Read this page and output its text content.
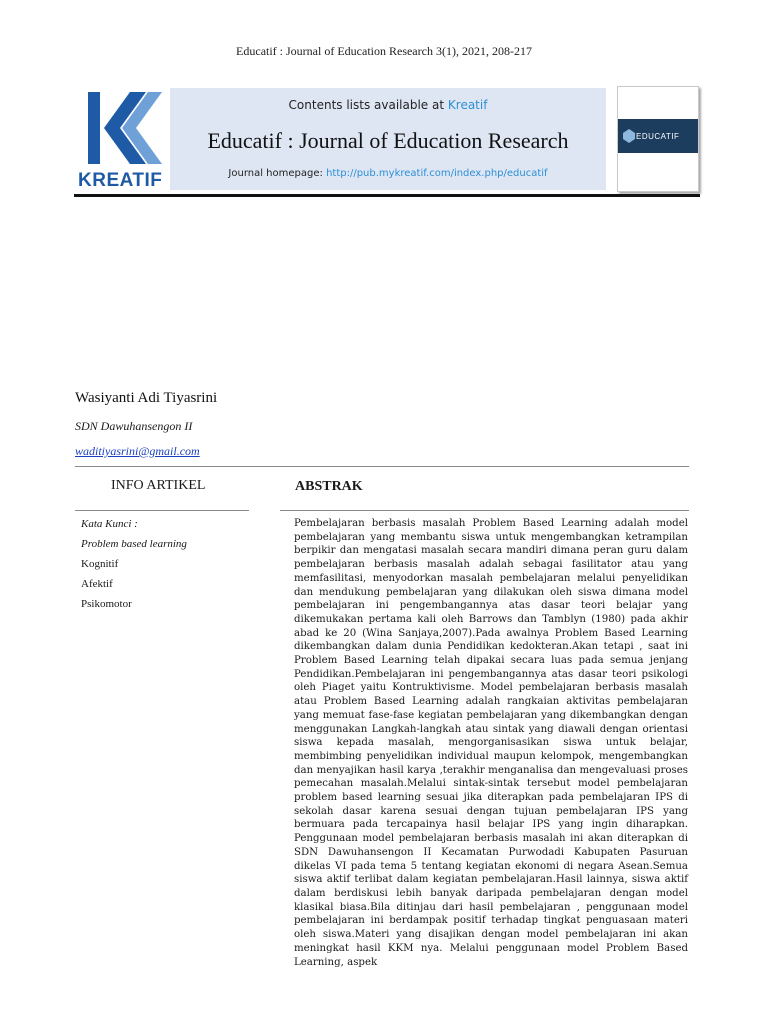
Educatif : Journal of Education Research 3(1), 2021, 208-217
KREATIF
Contents lists available at Kreatif
Educatif : Journal of Education Research
Journal homepage: http://pub.mykreatif.com/index.php/educatif
EDUCATIF
Wasiyanti Adi Tiyasrini
SDN Dawuhansengon II
waditiyasrini@gmail.com
INFO ARTIKEL	ABSTRAK
Kata Kunci :
Problem based learning
Kognitif
Afektif
Psikomotor
Pembelajaran berbasis masalah Problem Based Learning adalah model pembelajaran yang membantu siswa untuk mengembangkan ketrampilan berpikir dan mengatasi masalah secara mandiri dimana peran guru dalam pembelajaran berbasis masalah adalah sebagai fasilitator atau yang memfasilitasi, menyodorkan masalah pembelajaran melalui penyelidikan dan mendukung pembelajaran yang dilakukan oleh siswa dimana model pembelajaran ini pengembangannya atas dasar teori belajar yang dikemukakan pertama kali oleh Barrows dan Tamblyn (1980) pada akhir abad ke 20 (Wina Sanjaya,2007).Pada awalnya Problem Based Learning dikembangkan dalam dunia Pendidikan kedokteran.Akan tetapi , saat ini Problem Based Learning telah dipakai secara luas pada semua jenjang Pendidikan.Pembelajaran ini pengembangannya atas dasar teori psikologi oleh Piaget yaitu Kontruktivisme. Model pembelajaran berbasis masalah atau Problem Based Learning adalah rangkaian aktivitas pembelajaran yang memuat fase-fase kegiatan pembelajaran yang dikembangkan dengan menggunakan Langkah-langkah atau sintak yang diawali dengan orientasi siswa kepada masalah, mengorganisasikan siswa untuk belajar, membimbing penyelidikan individual maupun kelompok, mengembangkan dan menyajikan hasil karya ,terakhir menganalisa dan mengevaluasi proses pemecahan masalah.Melalui sintak-sintak tersebut model pembelajaran problem based learning sesuai jika diterapkan pada pembelajaran IPS di sekolah dasar karena sesuai dengan tujuan pembelajaran IPS yang bermuara pada tercapainya hasil belajar IPS yang ingin diharapkan. Penggunaan model pembelajaran berbasis masalah ini akan diterapkan di SDN Dawuhansengon II Kecamatan Purwodadi Kabupaten Pasuruan dikelas VI pada tema 5 tentang kegiatan ekonomi di negara Asean.Semua siswa aktif terlibat dalam kegiatan pembelajaran.Hasil lainnya, siswa aktif dalam berdiskusi lebih banyak daripada pembelajaran dengan model klasikal biasa.Bila ditinjau dari hasil pembelajaran , penggunaan model pembelajaran ini berdampak positif terhadap tingkat penguasaan materi oleh siswa.Materi yang disajikan dengan model pembelajaran ini akan meningkat hasil KKM nya. Melalui penggunaan model Problem Based Learning, aspek
